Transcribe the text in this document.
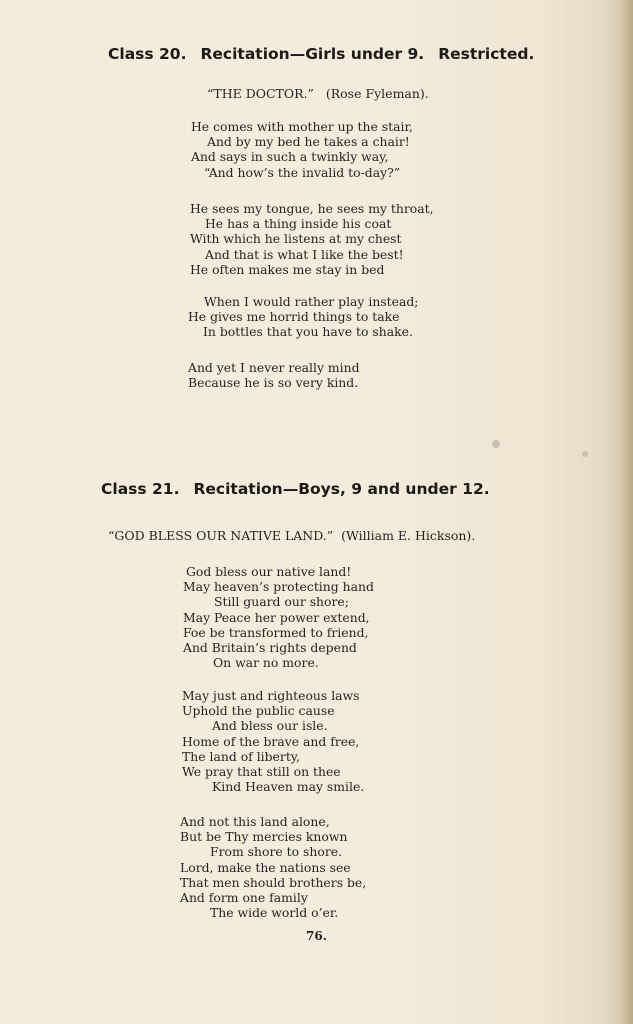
Class 20. Recitation—Girls under 9. Restricted.
“THE DOCTOR.” (Rose Fyleman).
He comes with mother up the stair,
And by my bed he takes a chair!
And says in such a twinkly way,
“And how’s the invalid to-day?”
He sees my tongue, he sees my throat,
He has a thing inside his coat
With which he listens at my chest
And that is what I like the best!
He often makes me stay in bed
When I would rather play instead;
He gives me horrid things to take
In bottles that you have to shake.
And yet I never really mind
Because he is so very kind.
Class 21. Recitation—Boys, 9 and under 12.
“GOD BLESS OUR NATIVE LAND.” (William E. Hickson).
God bless our native land!
May heaven’s protecting hand
Still guard our shore;
May Peace her power extend,
Foe be transformed to friend,
And Britain’s rights depend
On war no more.
May just and righteous laws
Uphold the public cause
And bless our isle.
Home of the brave and free,
The land of liberty,
We pray that still on thee
Kind Heaven may smile.
And not this land alone,
But be Thy mercies known
From shore to shore.
Lord, make the nations see
That men should brothers be,
And form one family
The wide world o’er.
76.
